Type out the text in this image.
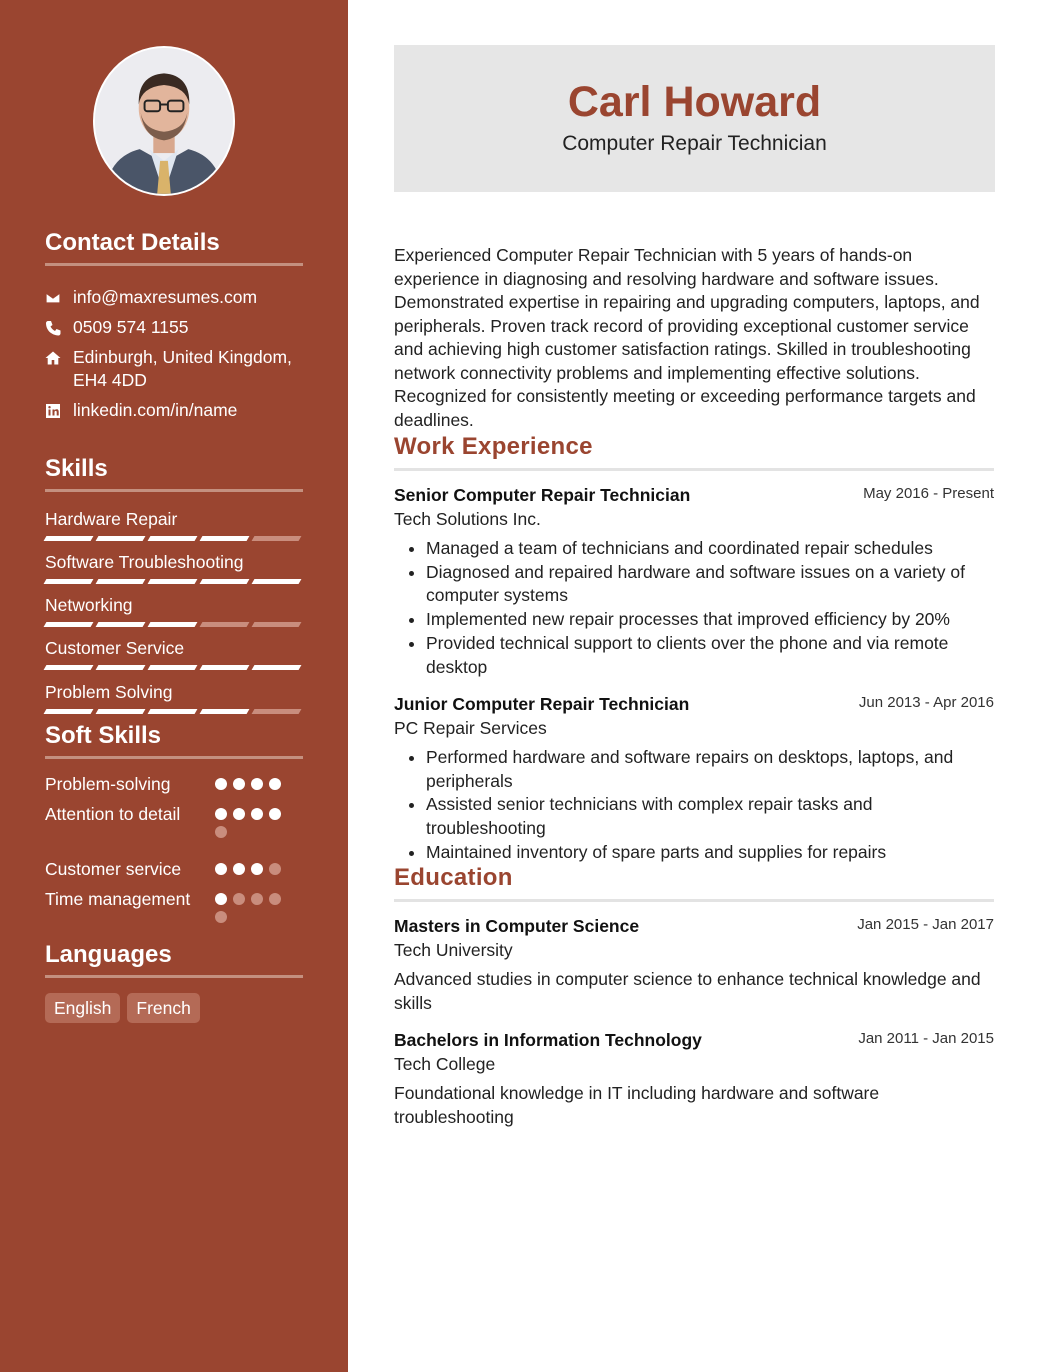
Contact Details
info@maxresumes.com
0509 574 1155
Edinburgh, United Kingdom, EH4 4DD
linkedin.com/in/name
Skills
Hardware Repair
Software Troubleshooting
Networking
Customer Service
Problem Solving
Soft Skills
Problem-solving
Attention to detail
Customer service
Time management
Languages
English	French
Carl Howard
Computer Repair Technician
Experienced Computer Repair Technician with 5 years of hands-on experience in diagnosing and resolving hardware and software issues. Demonstrated expertise in repairing and upgrading computers, laptops, and peripherals. Proven track record of providing exceptional customer service and achieving high customer satisfaction ratings. Skilled in troubleshooting network connectivity problems and implementing effective solutions. Recognized for consistently meeting or exceeding performance targets and deadlines.
Work Experience
Senior Computer Repair Technician	May 2016 - Present
Tech Solutions Inc.
• Managed a team of technicians and coordinated repair schedules
• Diagnosed and repaired hardware and software issues on a variety of computer systems
• Implemented new repair processes that improved efficiency by 20%
• Provided technical support to clients over the phone and via remote desktop
Junior Computer Repair Technician	Jun 2013 - Apr 2016
PC Repair Services
• Performed hardware and software repairs on desktops, laptops, and peripherals
• Assisted senior technicians with complex repair tasks and troubleshooting
• Maintained inventory of spare parts and supplies for repairs
Education
Masters in Computer Science	Jan 2015 - Jan 2017
Tech University
Advanced studies in computer science to enhance technical knowledge and skills
Bachelors in Information Technology	Jan 2011 - Jan 2015
Tech College
Foundational knowledge in IT including hardware and software troubleshooting
